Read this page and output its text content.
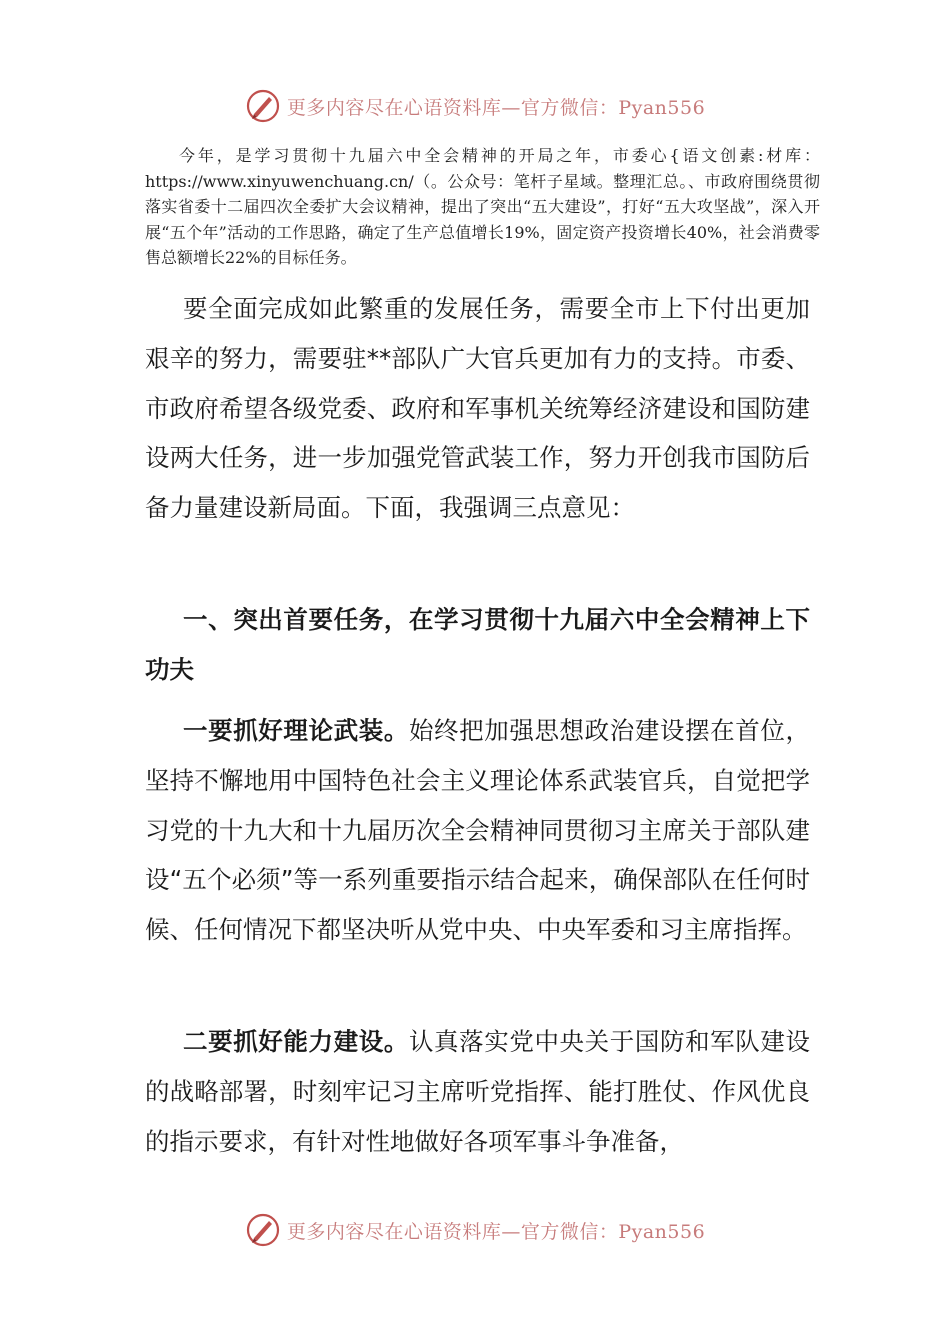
更多内容尽在心语资料库—官方微信：Pyan556

今年，是学习贯彻十九届六中全会精神的开局之年，市委心{语文创素:材库：https://www.xinyuwenchuang.cn/（。公众号：笔杆子星域。整理汇总。、市政府围绕贯彻落实省委十二届四次全委扩大会议精神，提出了突出“五大建设”，打好“五大攻坚战”，深入开展“五个年”活动的工作思路，确定了生产总值增长19%，固定资产投资增长40%，社会消费零售总额增长22%的目标任务。

要全面完成如此繁重的发展任务，需要全市上下付出更加艰辛的努力，需要驻**部队广大官兵更加有力的支持。市委、市政府希望各级党委、政府和军事机关统筹经济建设和国防建设两大任务，进一步加强党管武装工作，努力开创我市国防后备力量建设新局面。下面，我强调三点意见：

一、突出首要任务，在学习贯彻十九届六中全会精神上下功夫

一要抓好理论武装。始终把加强思想政治建设摆在首位，坚持不懈地用中国特色社会主义理论体系武装官兵，自觉把学习党的十九大和十九届历次全会精神同贯彻习主席关于部队建设“五个必须”等一系列重要指示结合起来，确保部队在任何时候、任何情况下都坚决听从党中央、中央军委和习主席指挥。

二要抓好能力建设。认真落实党中央关于国防和军队建设的战略部署，时刻牢记习主席听党指挥、能打胜仗、作风优良的指示要求，有针对性地做好各项军事斗争准备，

更多内容尽在心语资料库—官方微信：Pyan556
